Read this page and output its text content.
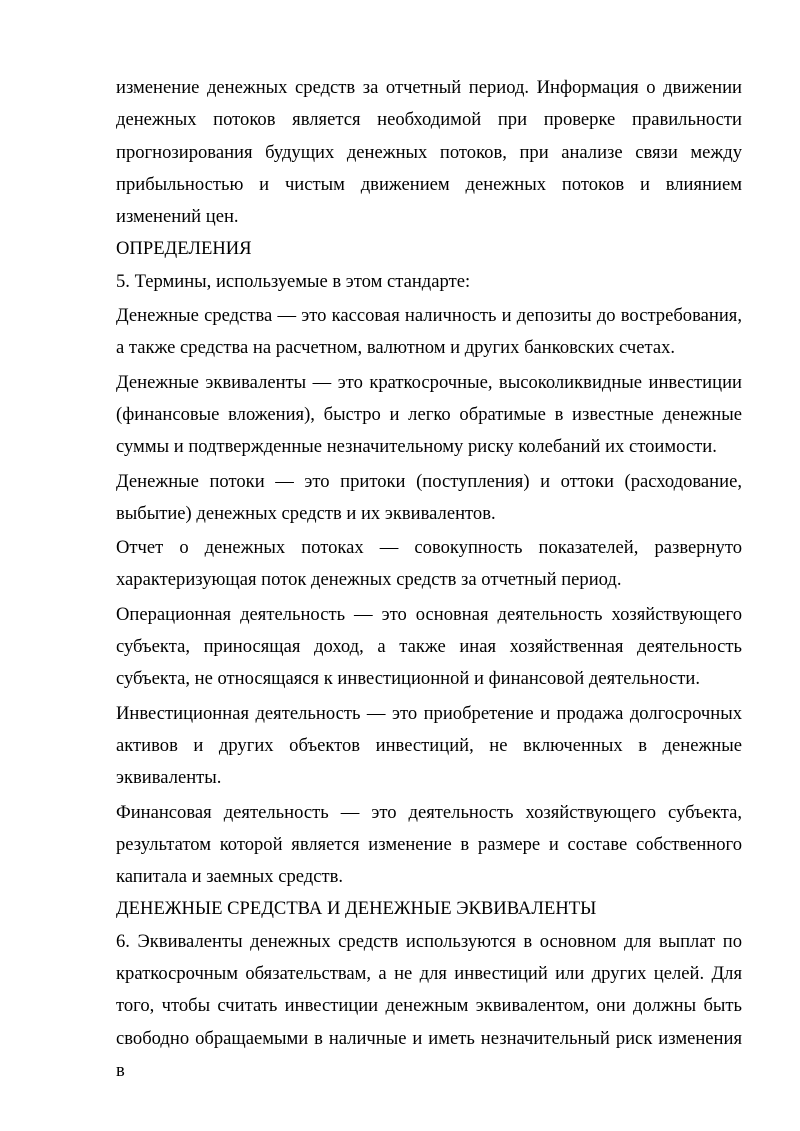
изменение денежных средств за отчетный период. Информация о движении денежных потоков является необходимой при проверке правильности прогнозирования будущих денежных потоков, при анализе связи между прибыльностью и чистым движением денежных потоков и влиянием изменений цен.

ОПРЕДЕЛЕНИЯ

5. Термины, используемые в этом стандарте:

Денежные средства — это кассовая наличность и депозиты до востребования, а также средства на расчетном, валютном и других банковских счетах.

Денежные эквиваленты — это краткосрочные, высоколиквидные инвестиции (финансовые вложения), быстро и легко обратимые в известные денежные суммы и подтвержденные незначительному риску колебаний их стоимости.

Денежные потоки — это притоки (поступления) и оттоки (расходование, выбытие) денежных средств и их эквивалентов.

Отчет о денежных потоках — совокупность показателей, развернуто характеризующая поток денежных средств за отчетный период.

Операционная деятельность — это основная деятельность хозяйствующего субъекта, приносящая доход, а также иная хозяйственная деятельность субъекта, не относящаяся к инвестиционной и финансовой деятельности.

Инвестиционная деятельность — это приобретение и продажа долгосрочных активов и других объектов инвестиций, не включенных в денежные эквиваленты.

Финансовая деятельность — это деятельность хозяйствующего субъекта, результатом которой является изменение в размере и составе собственного капитала и заемных средств.

ДЕНЕЖНЫЕ СРЕДСТВА И ДЕНЕЖНЫЕ ЭКВИВАЛЕНТЫ

6. Эквиваленты денежных средств используются в основном для выплат по краткосрочным обязательствам, а не для инвестиций или других целей. Для того, чтобы считать инвестиции денежным эквивалентом, они должны быть свободно обращаемыми в наличные и иметь незначительный риск изменения в
